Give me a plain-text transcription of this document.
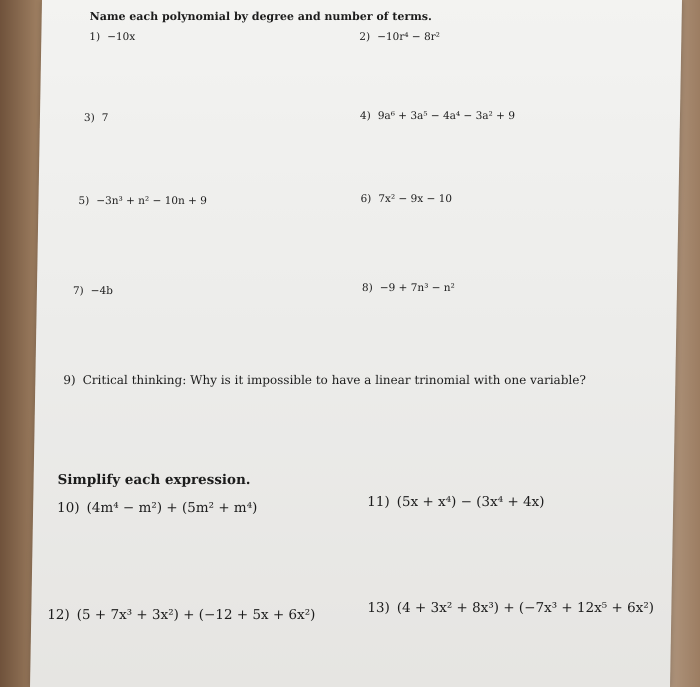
Name each polynomial by degree and number of terms.
1) −10x	2) −10r⁴ − 8r²
3) 7	4) 9a⁶ + 3a⁵ − 4a⁴ − 3a² + 9
5) −3n³ + n² − 10n + 9	6) 7x² − 9x − 10
7) −4b	8) −9 + 7n³ − n²
9) Critical thinking: Why is it impossible to have a linear trinomial with one variable?
Simplify each expression.
10) (4m⁴ − m²) + (5m² + m⁴)	11) (5x + x⁴) − (3x⁴ + 4x)
12) (5 + 7x³ + 3x²) + (−12 + 5x + 6x²)	13) (4 + 3x² + 8x³) + (−7x³ + 12x⁵ + 6x²)
